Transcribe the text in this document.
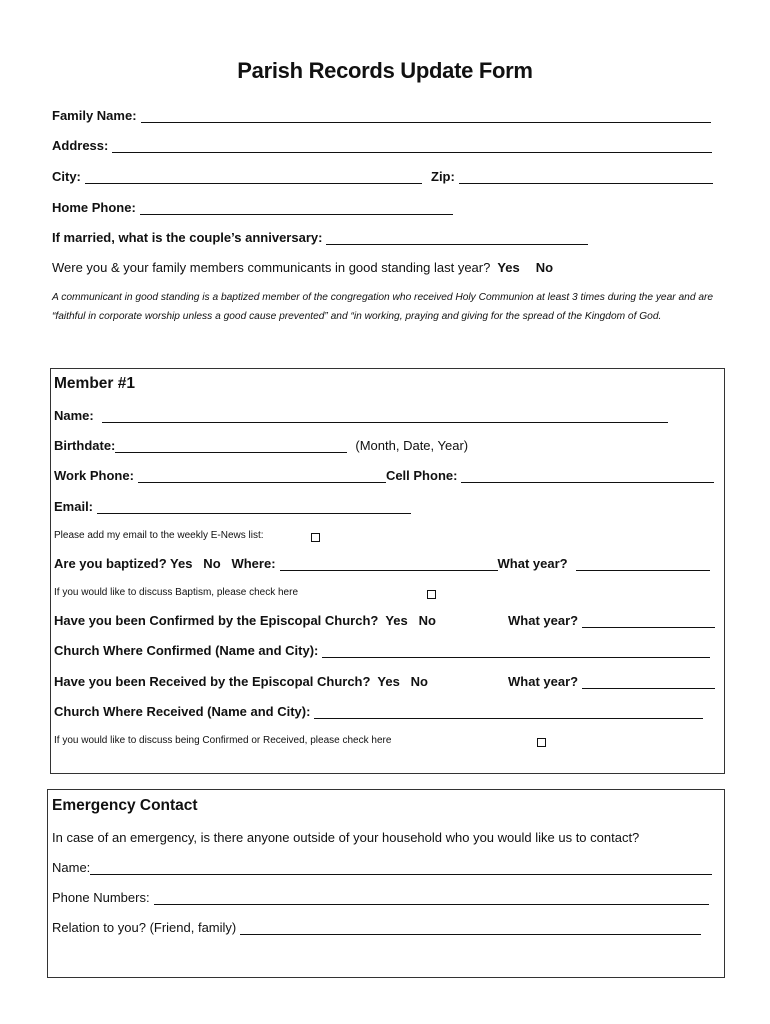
Parish Records Update Form
Family Name:
Address:
City:	Zip:
Home Phone:
If married, what is the couple’s anniversary:
Were you & your family members communicants in good standing last year? Yes No
A communicant in good standing is a baptized member of the congregation who received Holy Communion at least 3 times during the year and are “faithful in corporate worship unless a good cause prevented” and “in working, praying and giving for the spread of the Kingdom of God.
Member #1
Name:
Birthdate:	(Month, Date, Year)
Work Phone:	Cell Phone:
Email:
Please add my email to the weekly E-News list:
Are you baptized? Yes   No   Where:	What year?
If you would like to discuss Baptism, please check here
Have you been Confirmed by the Episcopal Church?  Yes   No	What year?
Church Where Confirmed (Name and City):
Have you been Received by the Episcopal Church?  Yes   No	What year?
Church Where Received (Name and City):
If you would like to discuss being Confirmed or Received, please check here
Emergency Contact
In case of an emergency, is there anyone outside of your household who you would like us to contact?
Name:
Phone Numbers:
Relation to you? (Friend, family)
